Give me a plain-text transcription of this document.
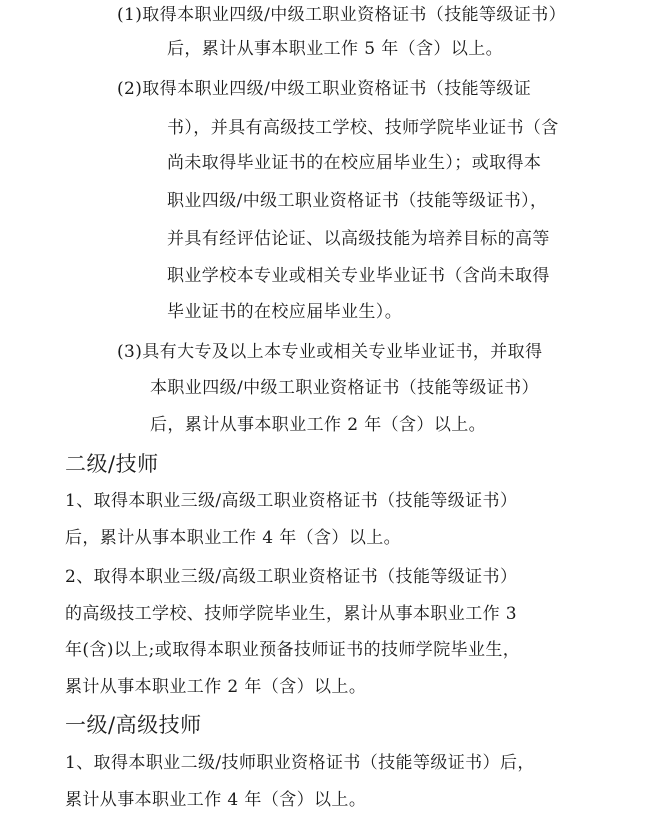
(1)取得本职业四级/中级工职业资格证书（技能等级证书）
后，累计从事本职业工作 5 年（含）以上。
(2)取得本职业四级/中级工职业资格证书（技能等级证
书），并具有高级技工学校、技师学院毕业证书（含
尚未取得毕业证书的在校应届毕业生）；或取得本
职业四级/中级工职业资格证书（技能等级证书），
并具有经评估论证、以高级技能为培养目标的高等
职业学校本专业或相关专业毕业证书（含尚未取得
毕业证书的在校应届毕业生）。
(3)具有大专及以上本专业或相关专业毕业证书，并取得
本职业四级/中级工职业资格证书（技能等级证书）
后，累计从事本职业工作 2 年（含）以上。
二级/技师
1、取得本职业三级/高级工职业资格证书（技能等级证书）
后，累计从事本职业工作 4 年（含）以上。
2、取得本职业三级/高级工职业资格证书（技能等级证书）
的高级技工学校、技师学院毕业生，累计从事本职业工作 3
年(含)以上;或取得本职业预备技师证书的技师学院毕业生，
累计从事本职业工作 2 年（含）以上。
一级/高级技师
1、取得本职业二级/技师职业资格证书（技能等级证书）后，
累计从事本职业工作 4 年（含）以上。
